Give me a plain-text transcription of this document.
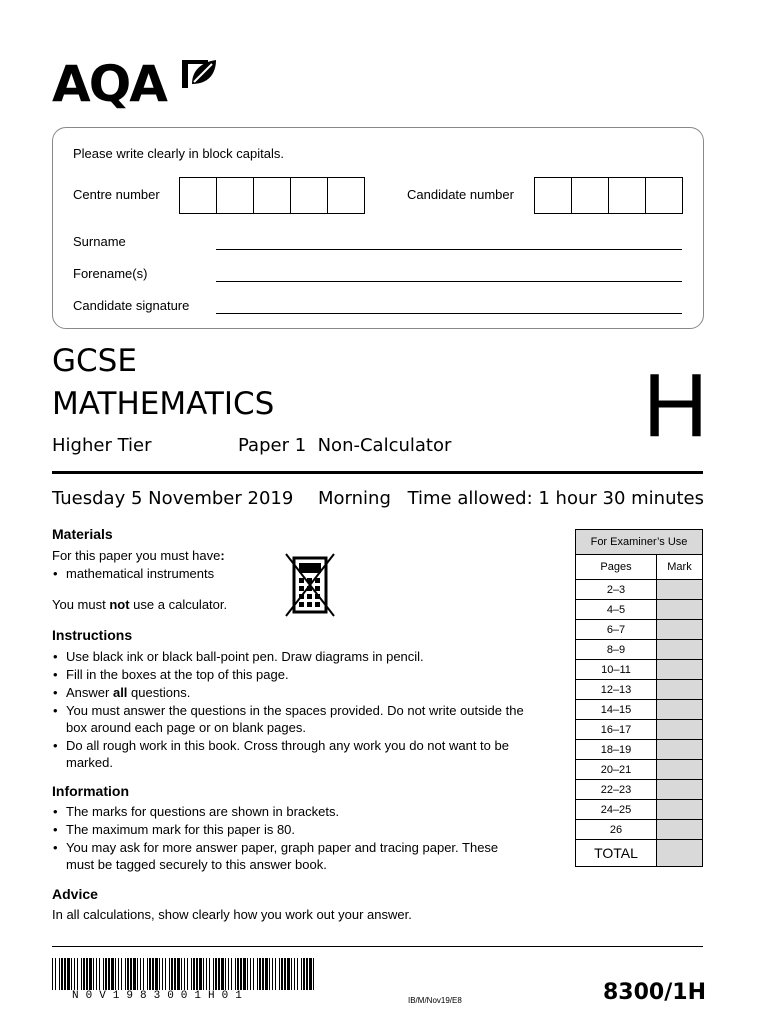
AQA
Please write clearly in block capitals.
Centre number	Candidate number
Surname
Forename(s)
Candidate signature
GCSE
MATHEMATICS	H
Higher Tier	Paper 1  Non-Calculator
Tuesday 5 November 2019 Morning Time allowed: 1 hour 30 minutes
Materials
For this paper you must have:
• mathematical instruments
You must not use a calculator.
Instructions
• Use black ink or black ball-point pen. Draw diagrams in pencil.
• Fill in the boxes at the top of this page.
• Answer all questions.
• You must answer the questions in the spaces provided. Do not write outside the box around each page or on blank pages.
• Do all rough work in this book. Cross through any work you do not want to be marked.
Information
• The marks for questions are shown in brackets.
• The maximum mark for this paper is 80.
• You may ask for more answer paper, graph paper and tracing paper. These must be tagged securely to this answer book.
Advice
In all calculations, show clearly how you work out your answer.
For Examiner’s Use	
Pages	Mark
2–3	
4–5	
6–7	
8–9	
10–11	
12–13	
14–15	
16–17	
18–19	
20–21	
22–23	
24–25	
26	
TOTAL	
N0V1983001H01	IB/M/Nov19/E8	8300/1H
